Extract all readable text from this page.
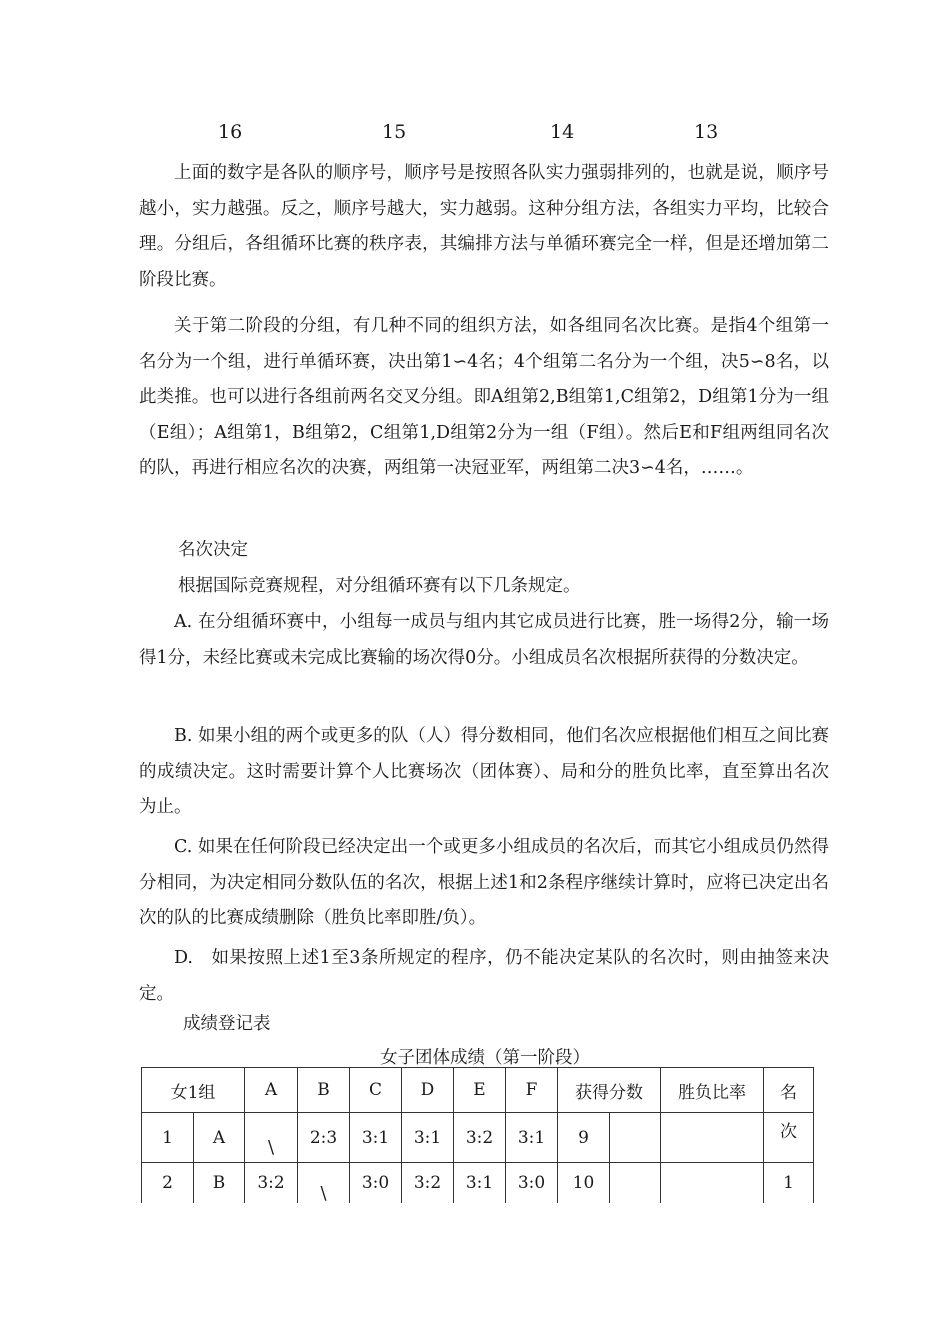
16	15	14	13

上面的数字是各队的顺序号，顺序号是按照各队实力强弱排列的，也就是说，顺序号越小，实力越强。反之，顺序号越大，实力越弱。这种分组方法，各组实力平均，比较合理。分组后，各组循环比赛的秩序表，其编排方法与单循环赛完全一样，但是还增加第二阶段比赛。

关于第二阶段的分组，有几种不同的组织方法，如各组同名次比赛。是指4个组第一名分为一个组，进行单循环赛，决出第1∽4名；4个组第二名分为一个组，决5∽8名，以此类推。也可以进行各组前两名交叉分组。即A组第2,B组第1,C组第2，D组第1分为一组（E组）；A组第1，B组第2，C组第1,D组第2分为一组（F组）。然后E和F组两组同名次的队，再进行相应名次的决赛，两组第一决冠亚军，两组第二决3∽4名，……。

名次决定

根据国际竞赛规程，对分组循环赛有以下几条规定。

A. 在分组循环赛中，小组每一成员与组内其它成员进行比赛，胜一场得2分，输一场得1分，未经比赛或未完成比赛输的场次得0分。小组成员名次根据所获得的分数决定。

B. 如果小组的两个或更多的队（人）得分数相同，他们名次应根据他们相互之间比赛的成绩决定。这时需要计算个人比赛场次（团体赛）、局和分的胜负比率，直至算出名次为止。

C. 如果在任何阶段已经决定出一个或更多小组成员的名次后，而其它小组成员仍然得分相同，为决定相同分数队伍的名次，根据上述1和2条程序继续计算时，应将已决定出名次的队的比赛成绩删除（胜负比率即胜/负）。

D.　如果按照上述1至3条所规定的程序，仍不能决定某队的名次时，则由抽签来决定。

成绩登记表

女子团体成绩（第一阶段）

女1组		A	B	C	D	E	F	获得分数		胜负比率	名
1	A	\	2:3	3:1	3:1	3:2	3:1	9			次
2	B	3:2	\	3:0	3:2	3:1	3:0	10			1
